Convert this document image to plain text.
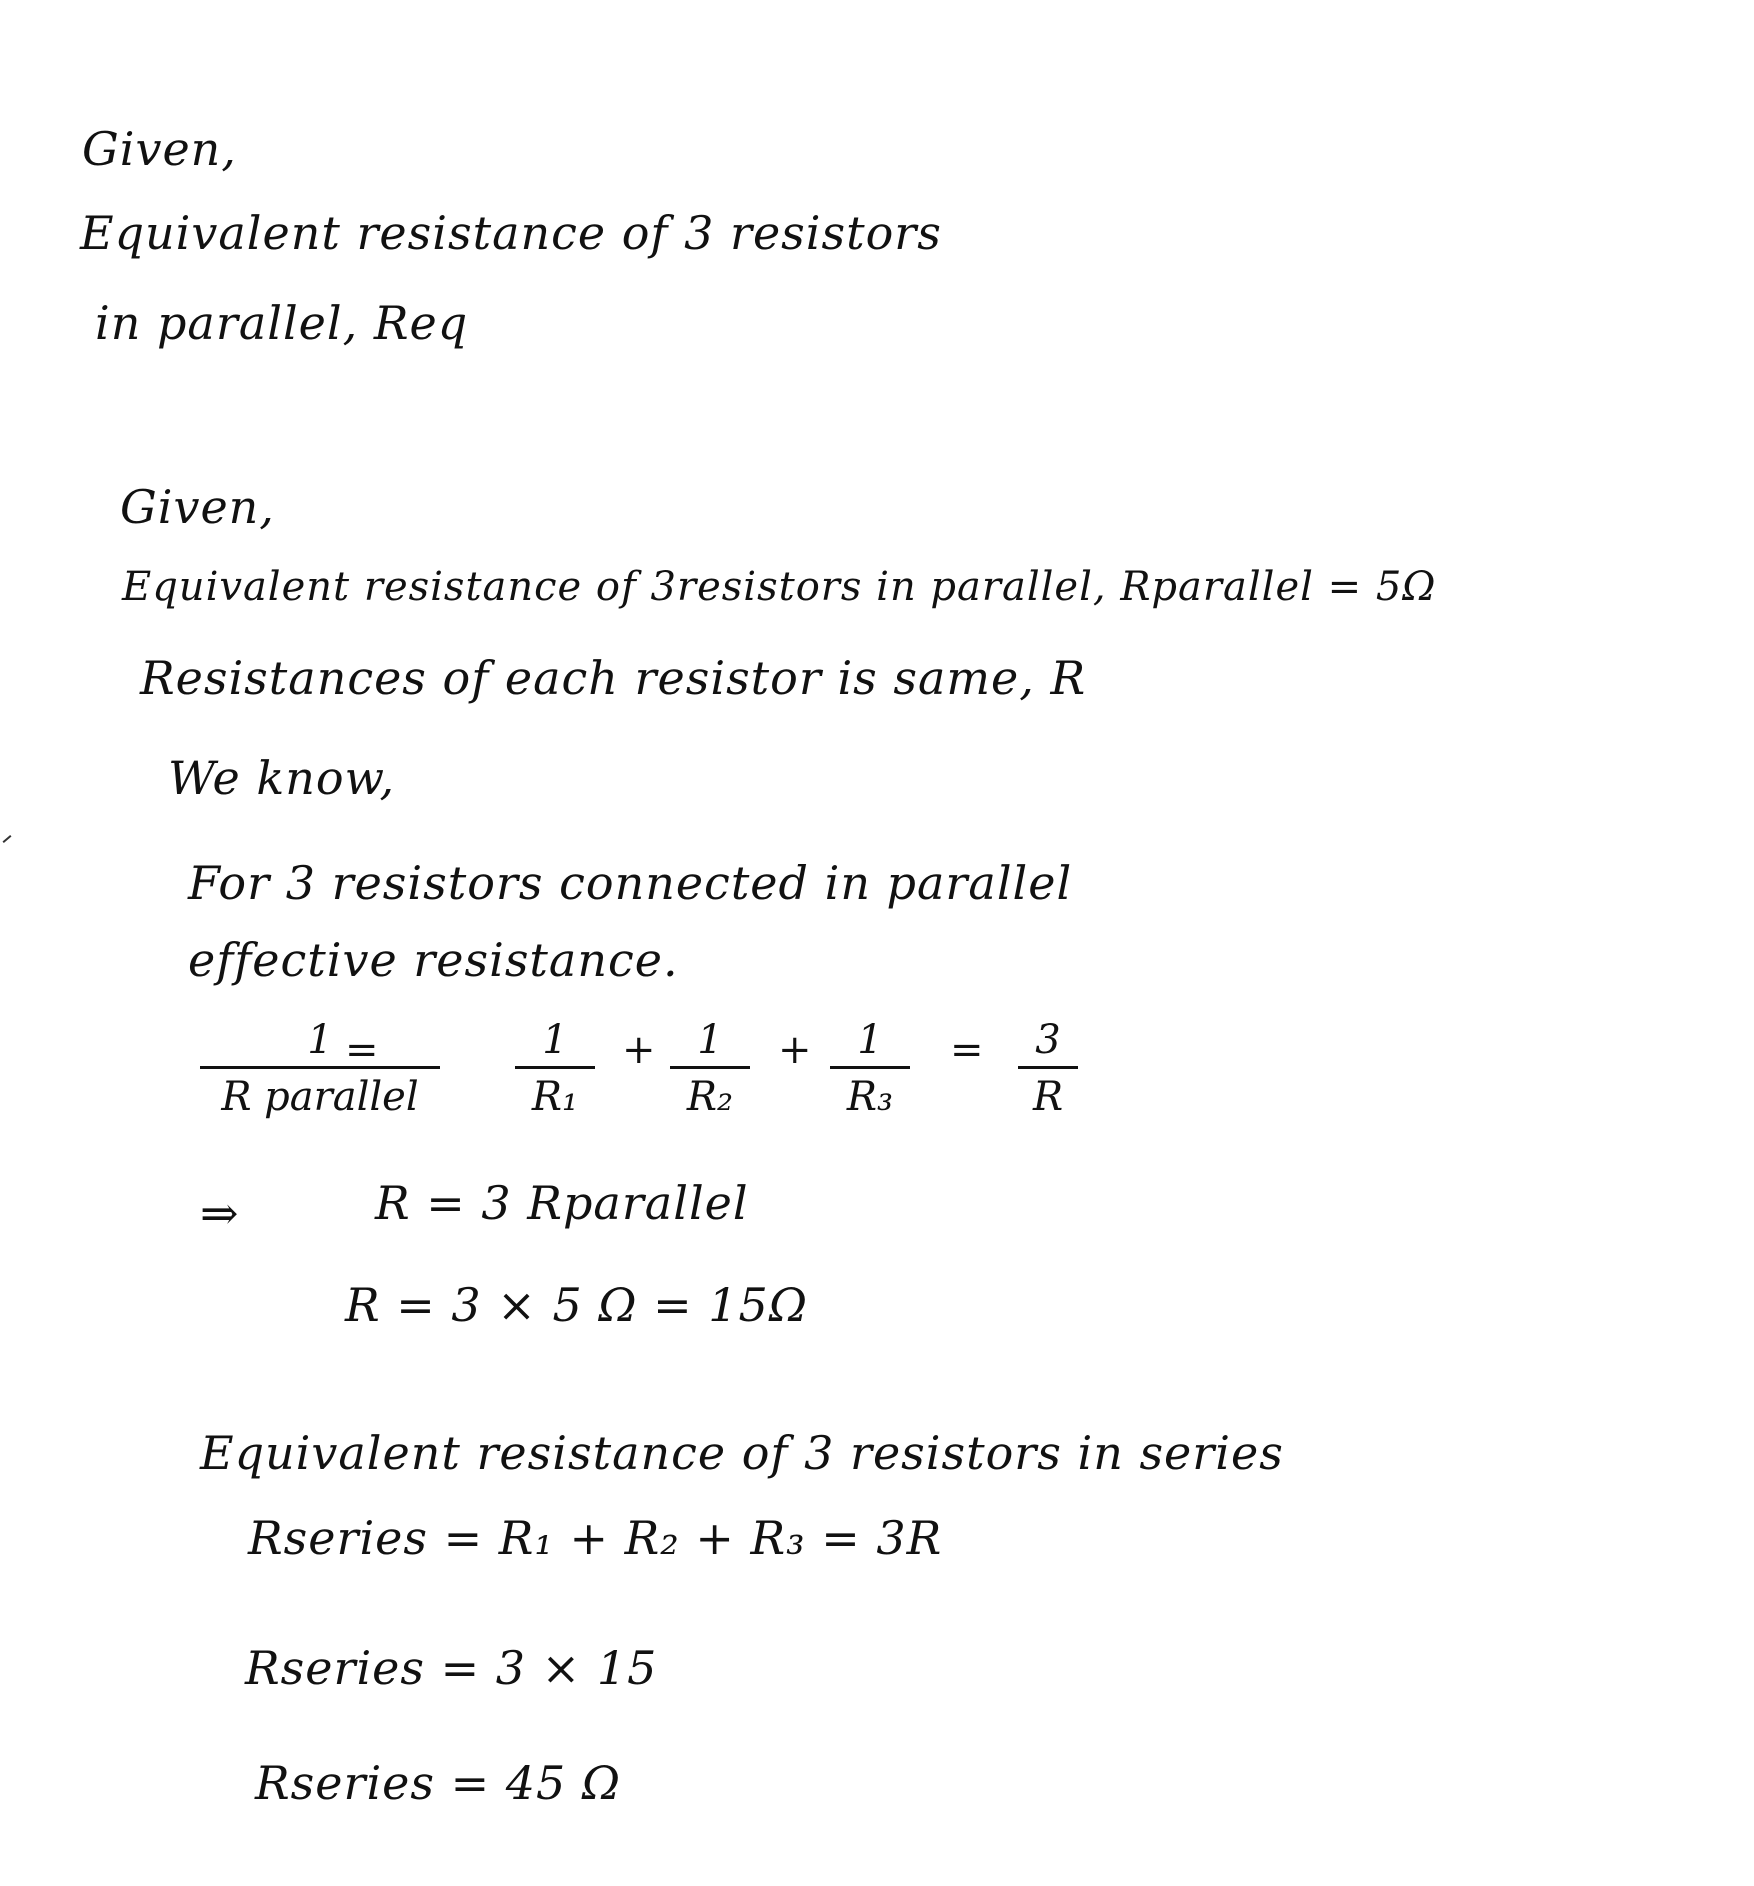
Given,
Equivalent resistance of 3 resistors
in parallel, Req
Given,
Equivalent resistance of 3resistors in parallel, Rparallel = 5Ω
Resistances of each resistor is same, R
We know,
For 3 resistors connected in parallel
effective resistance.
1
R parallel
=	$\frac{1}{\text{R₁}} + \frac{1}{\text{R₂}} + \frac{1}{\text{R₃}} = \frac{3}{R}$
⇒	R = 3 Rparallel
R = 3 × 5 Ω = 15Ω
Equivalent resistance of 3 resistors in series
Rseries = R₁ + R₂ + R₃ = 3R
Rseries = 3 × 15
Rseries = 45 Ω
